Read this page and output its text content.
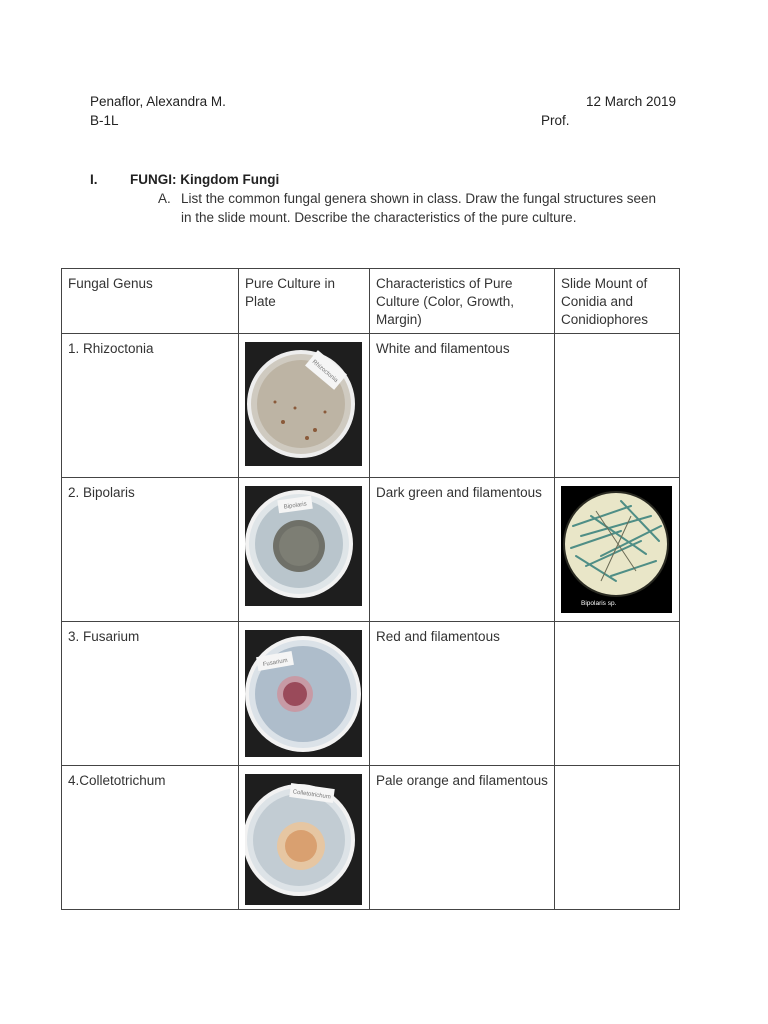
Penaflor, Alexandra M.	12 March 2019
B-1L	Prof.
I. FUNGI: Kingdom Fungi
A. List the common fungal genera shown in class. Draw the fungal structures seen
in the slide mount. Describe the characteristics of the pure culture.
Fungal Genus	Pure Culture in Plate	Characteristics of Pure Culture (Color, Growth, Margin)	Slide Mount of Conidia and Conidiophores
1. Rhizoctonia	Rhizoctonia	White and filamentous	
2. Bipolaris	Bipolaris	Dark green and filamentous	Bipolaris sp.

3. Fusarium	Fusarium	Red and filamentous	
4.Colletotrichum	Colletotrichum	Pale orange and filamentous	
